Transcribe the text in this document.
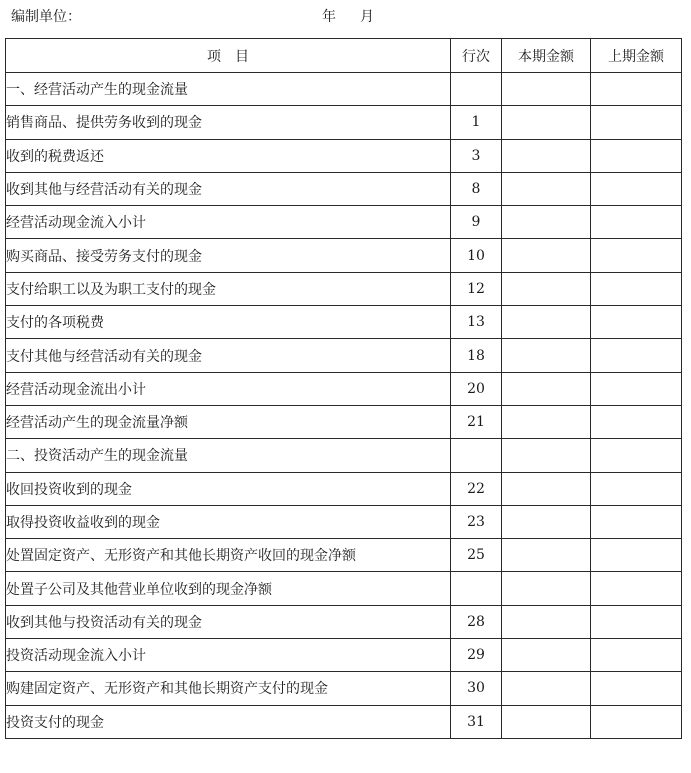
编制单位：	年 月
项　目	行次	本期金额	上期金额
一、经营活动产生的现金流量			
销售商品、提供劳务收到的现金	1		
收到的税费返还	3		
收到其他与经营活动有关的现金	8		
经营活动现金流入小计	9		
购买商品、接受劳务支付的现金	10		
支付给职工以及为职工支付的现金	12		
支付的各项税费	13		
支付其他与经营活动有关的现金	18		
经营活动现金流出小计	20		
经营活动产生的现金流量净额	21		
二、投资活动产生的现金流量			
收回投资收到的现金	22		
取得投资收益收到的现金	23		
处置固定资产、无形资产和其他长期资产收回的现金净额	25		
处置子公司及其他营业单位收到的现金净额			
收到其他与投资活动有关的现金	28		
投资活动现金流入小计	29		
购建固定资产、无形资产和其他长期资产支付的现金	30		
投资支付的现金	31		
